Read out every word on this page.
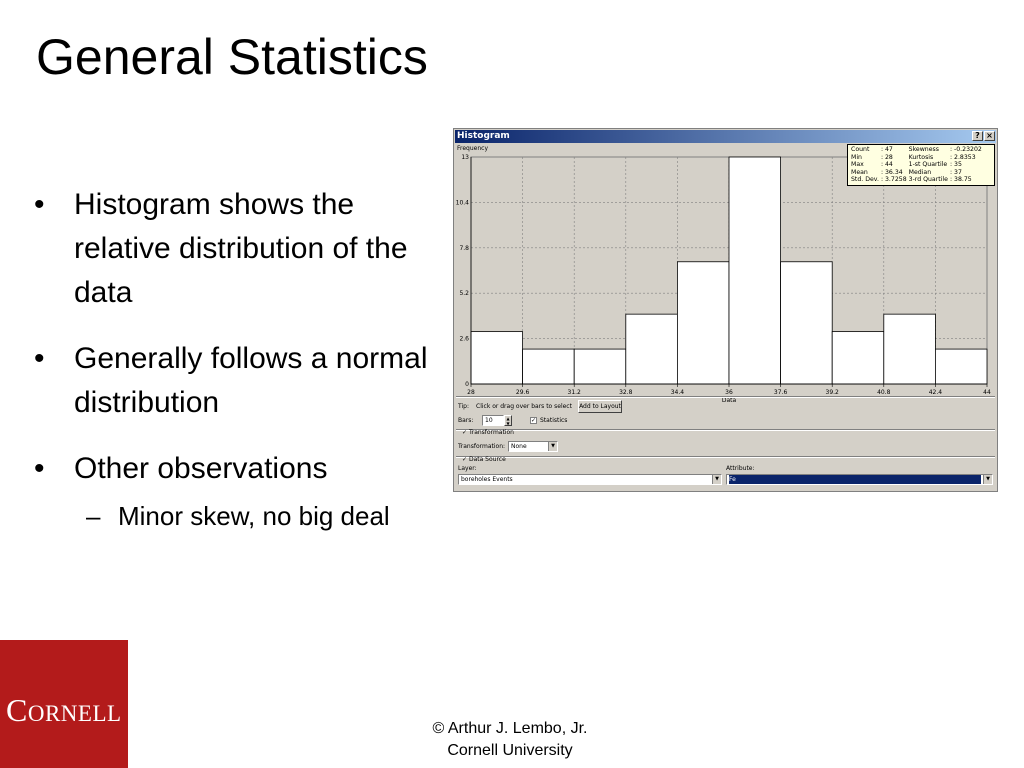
General Statistics
• Histogram shows the relative distribution of the data
• Generally follows a normal distribution
• Other observations
– Minor skew, no big deal
CORNELL
© Arthur J. Lembo, Jr.
Cornell University
Histogram	? ×
Frequency
28	29.6	31.2	32.8	34.4	36	37.6	39.2	40.8	42.4	44
0
2.6
5.2
7.8
10.4
13
Data
Count	: 47	Skewness	: -0.23202
Min	: 28	Kurtosis	: 2.8353
Max	: 44	1-st Quartile	: 35
Mean	: 36.34	Median	: 37
Std. Dev.	: 3.7258	3-rd Quartile	: 38.75
Tip: Click or drag over bars to select Add to Layout
Bars:	10	▲
▼	✓ Statistics
✓ Transformation
Transformation: None	▼
✓ Data Source
Layer:	Attribute:
boreholes Events	▼	Fe	▼
